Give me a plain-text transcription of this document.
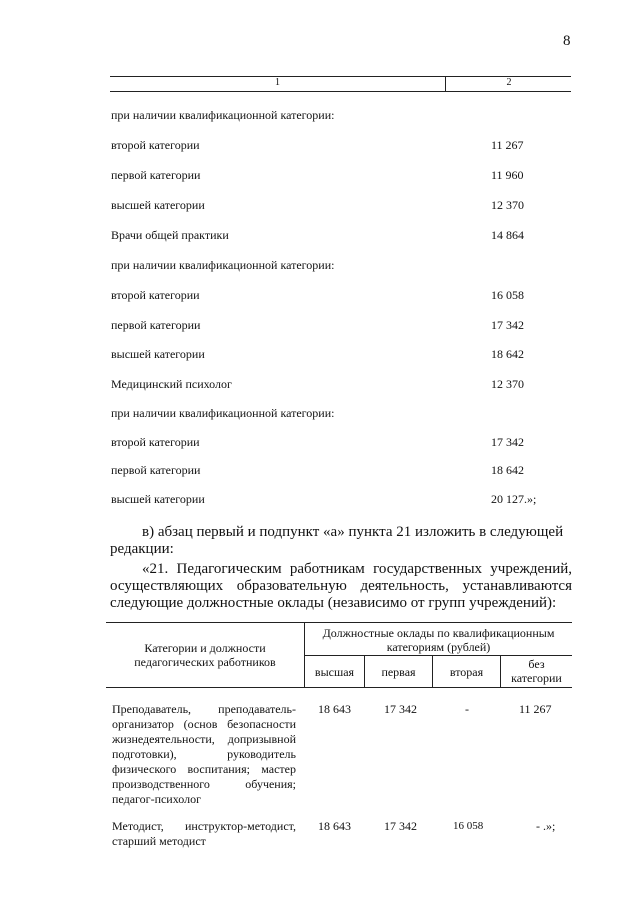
8
1	2
при наличии квалификационной категории:
второй категории	11 267
первой категории	11 960
высшей категории	12 370
Врачи общей практики	14 864
при наличии квалификационной категории:
второй категории	16 058
первой категории	17 342
высшей категории	18 642
Медицинский психолог	12 370
при наличии квалификационной категории:
второй категории	17 342
первой категории	18 642
высшей категории	20 127.»;
в) абзац первый и подпункт «а» пункта 21 изложить в следующей
редакции:
«21. Педагогическим работникам государственных учреждений,
осуществляющих образовательную деятельность, устанавливаются
следующие должностные оклады (независимо от групп учреждений):
Категории и должности
педагогических работников
Должностные оклады по квалификационным
категориям (рублей)
высшая	первая	вторая
без
категории
Преподаватель, преподаватель-
организатор (основ безопасности
жизнедеятельности, допризывной
подготовки), руководитель
физического воспитания; мастер
производственного обучения;
педагог-психолог
18 643	17 342	-	11 267
Методист, инструктор-методист,
старший методист
18 643	17 342	16 058	- .»;
